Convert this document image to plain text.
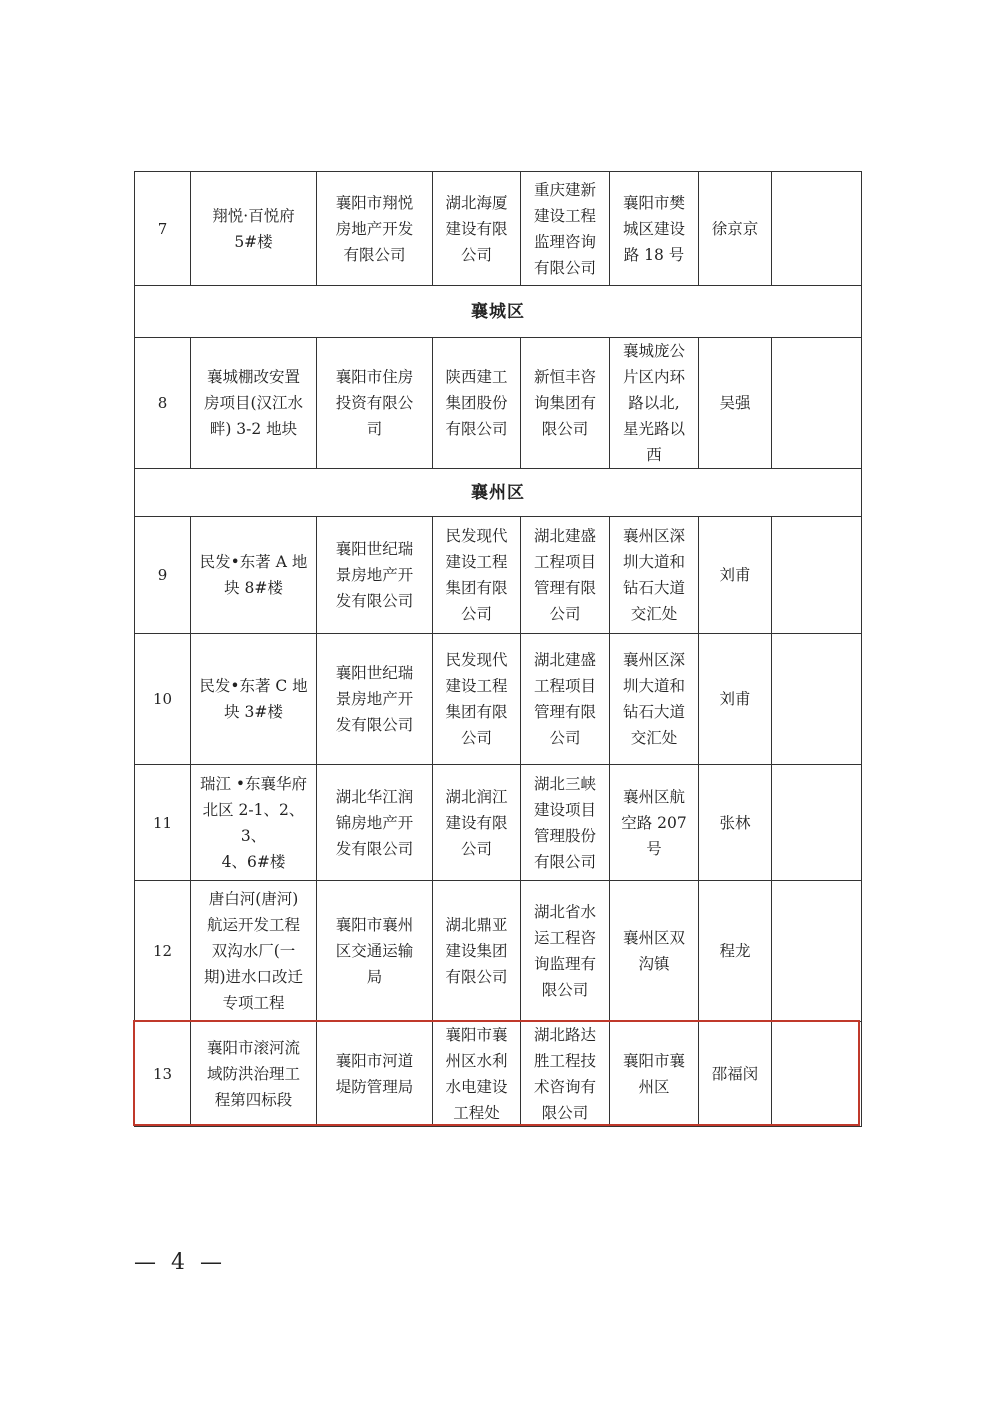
7	翔悦·百悦府
5#楼	襄阳市翔悦
房地产开发
有限公司	湖北海厦
建设有限
公司	重庆建新
建设工程
监理咨询
有限公司	襄阳市樊
城区建设
路 18 号	徐京京	
襄城区							
8	襄城棚改安置
房项目(汉江水
畔) 3-2 地块	襄阳市住房
投资有限公
司	陕西建工
集团股份
有限公司	新恒丰咨
询集团有
限公司	襄城庞公
片区内环
路以北,
星光路以
西	吴强	
襄州区							
9	民发•东著 A 地
块 8#楼	襄阳世纪瑞
景房地产开
发有限公司	民发现代
建设工程
集团有限
公司	湖北建盛
工程项目
管理有限
公司	襄州区深
圳大道和
钻石大道
交汇处	刘甫	
10	民发•东著 C 地
块 3#楼	襄阳世纪瑞
景房地产开
发有限公司	民发现代
建设工程
集团有限
公司	湖北建盛
工程项目
管理有限
公司	襄州区深
圳大道和
钻石大道
交汇处	刘甫	
11	瑞江 •东襄华府
北区 2-1、2、3、
4、6#楼	湖北华江润
锦房地产开
发有限公司	湖北润江
建设有限
公司	湖北三峡
建设项目
管理股份
有限公司	襄州区航
空路 207
号	张林	
12	唐白河(唐河)
航运开发工程
双沟水厂(一
期)进水口改迁
专项工程	襄阳市襄州
区交通运输
局	湖北鼎亚
建设集团
有限公司	湖北省水
运工程咨
询监理有
限公司	襄州区双
沟镇	程龙	
13	襄阳市滚河流
域防洪治理工
程第四标段	襄阳市河道
堤防管理局	襄阳市襄
州区水利
水电建设
工程处	湖北路达
胜工程技
术咨询有
限公司	襄阳市襄
州区	邵福闵	
— 4 —
